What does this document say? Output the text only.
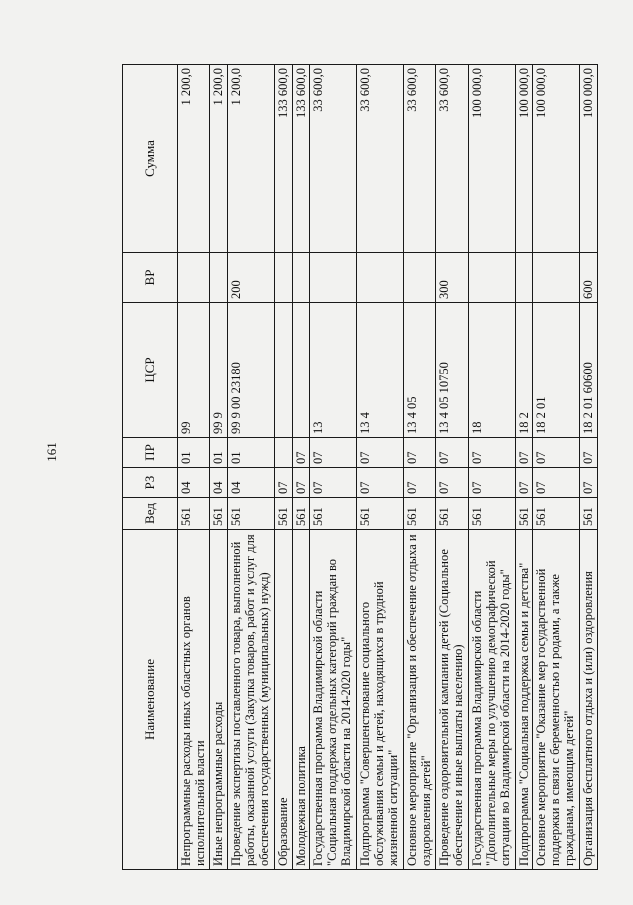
161
Наименование	Вед	РЗ	ПР	ЦСР	ВР	Сумма
Непрограммные расходы иных областных органов исполнительной власти	561	04	01	99		1 200,0
Иные непрограммные расходы	561	04	01	99 9		1 200,0
Проведение экспертизы поставленного товара, выполненной работы, оказанной услуги (Закупка товаров, работ и услуг для обеспечения государственных (муниципальных) нужд)	561	04	01	99 9 00 23180	200	1 200,0
Образование	561	07				133 600,0
Молодежная политика	561	07	07			133 600,0
Государственная программа Владимирской области "Социальная поддержка отдельных категорий граждан во Владимирской области на 2014-2020 годы"	561	07	07	13		33 600,0
Подпрограмма "Совершенствование социального обслуживания семьи и детей, находящихся в трудной жизненной ситуации"	561	07	07	13 4		33 600,0
Основное мероприятие "Организация и обеспечение отдыха и оздоровления детей"	561	07	07	13 4 05		33 600,0
Проведение оздоровительной кампании детей (Социальное обеспечение и иные выплаты населению)	561	07	07	13 4 05 10750	300	33 600,0
Государственная программа Владимирской области "Дополнительные меры по улучшению демографической ситуации во Владимирской области на 2014-2020 годы"	561	07	07	18		100 000,0
Подпрограмма "Социальная поддержка семьи и детства"	561	07	07	18 2		100 000,0
Основное мероприятие "Оказание мер государственной поддержки в связи с беременностью и родами, а также гражданам, имеющим детей"	561	07	07	18 2 01		100 000,0
Организация бесплатного отдыха и (или) оздоровления	561	07	07	18 2 01 60600	600	100 000,0
